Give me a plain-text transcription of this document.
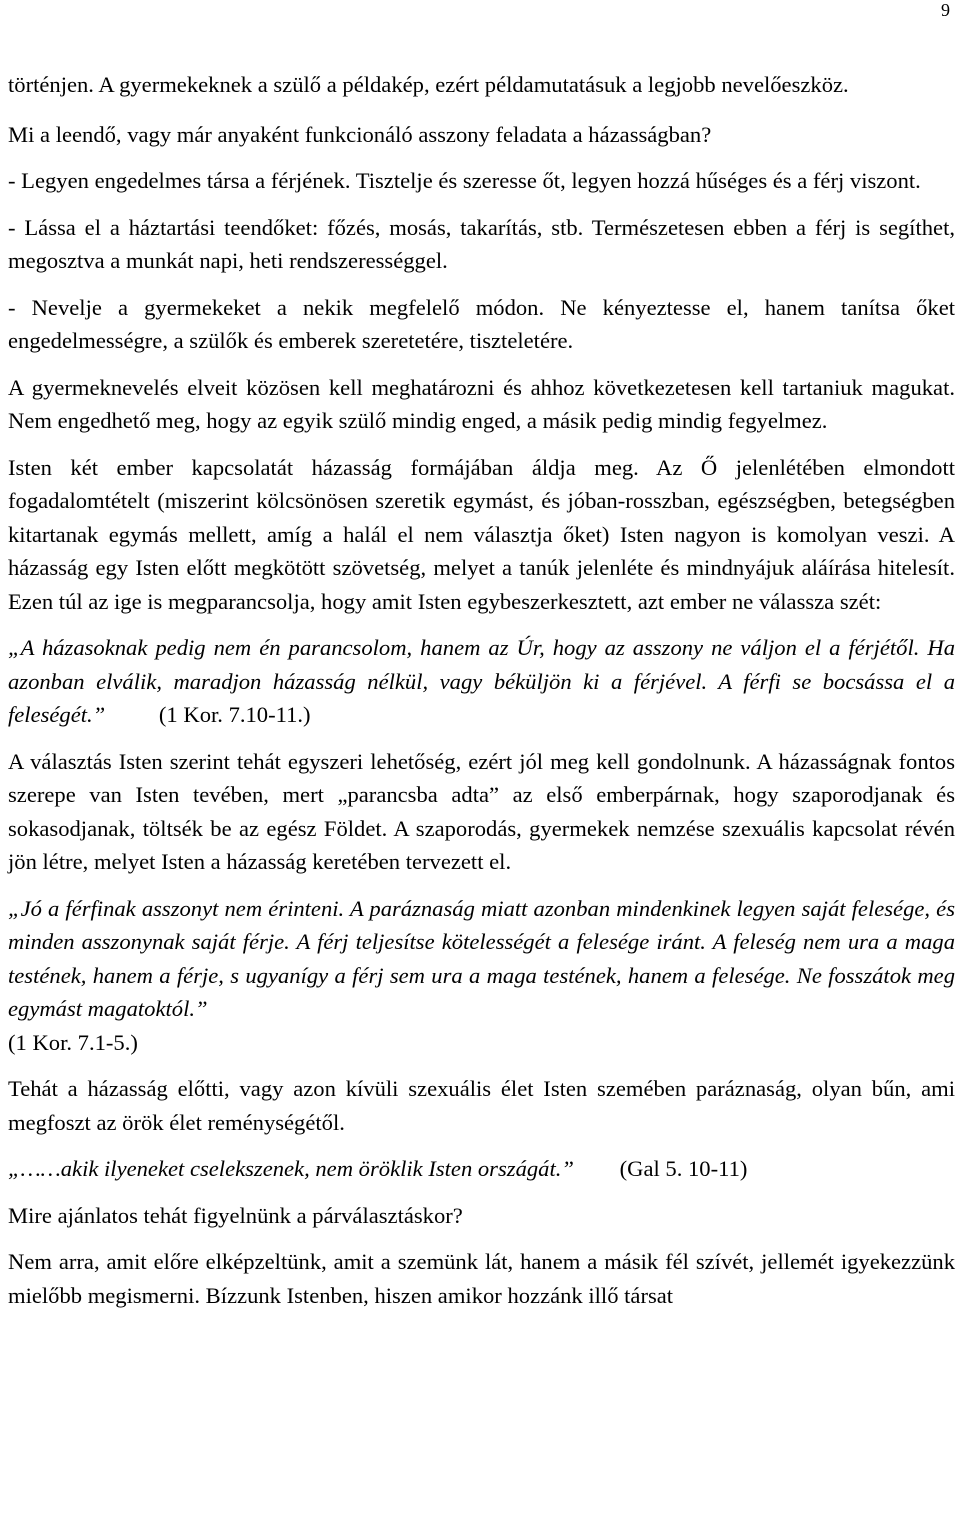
9

történjen. A gyermekeknek a szülő a példakép, ezért példamutatásuk a legjobb nevelőeszköz.

Mi a leendő, vagy már anyaként funkcionáló asszony feladata a házasságban?

- Legyen engedelmes társa a férjének. Tisztelje és szeresse őt, legyen hozzá hűséges és a férj viszont.

- Lássa el a háztartási teendőket: főzés, mosás, takarítás, stb. Természetesen ebben a férj is segíthet, megosztva a munkát napi, heti rendszerességgel.

- Nevelje a gyermekeket a nekik megfelelő módon. Ne kényeztesse el, hanem tanítsa őket engedelmességre, a szülők és emberek szeretetére, tiszteletére.

A gyermeknevelés elveit közösen kell meghatározni és ahhoz következetesen kell tartaniuk magukat. Nem engedhető meg, hogy az egyik szülő mindig enged, a másik pedig mindig fegyelmez.

Isten két ember kapcsolatát házasság formájában áldja meg. Az Ő jelenlétében elmondott fogadalomtételt (miszerint kölcsönösen szeretik egymást, és jóban-rosszban, egészségben, betegségben kitartanak egymás mellett, amíg a halál el nem választja őket) Isten nagyon is komolyan veszi. A házasság egy Isten előtt megkötött szövetség, melyet a tanúk jelenléte és mindnyájuk aláírása hitelesít. Ezen túl az ige is megparancsolja, hogy amit Isten egybeszerkesztett, azt ember ne válassza szét:

„A házasoknak pedig nem én parancsolom, hanem az Úr, hogy az asszony ne váljon el a férjétől. Ha azonban elválik, maradjon házasság nélkül, vagy béküljön ki a férjével. A férfi se bocsássa el a feleségét.” (1 Kor. 7.10-11.)

A választás Isten szerint tehát egyszeri lehetőség, ezért jól meg kell gondolnunk. A házasságnak fontos szerepe van Isten tevében, mert „parancsba adta” az első emberpárnak, hogy szaporodjanak és sokasodjanak, töltsék be az egész Földet. A szaporodás, gyermekek nemzése szexuális kapcsolat révén jön létre, melyet Isten a házasság keretében tervezett el.

„Jó a férfinak asszonyt nem érinteni. A paráznaság miatt azonban mindenkinek legyen saját felesége, és minden asszonynak saját férje. A férj teljesítse kötelességét a felesége iránt. A feleség nem ura a maga testének, hanem a férje, s ugyanígy a férj sem ura a maga testének, hanem a felesége. Ne fosszátok meg egymást magatoktól.”
(1 Kor. 7.1-5.)

Tehát a házasság előtti, vagy azon kívüli szexuális élet Isten szemében paráznaság, olyan bűn, ami megfoszt az örök élet reménységétől.

„……akik ilyeneket cselekszenek, nem öröklik Isten országát.” (Gal 5. 10-11)

Mire ajánlatos tehát figyelnünk a párválasztáskor?

Nem arra, amit előre elképzeltünk, amit a szemünk lát, hanem a másik fél szívét, jellemét igyekezzünk mielőbb megismerni. Bízzunk Istenben, hiszen amikor hozzánk illő társat
